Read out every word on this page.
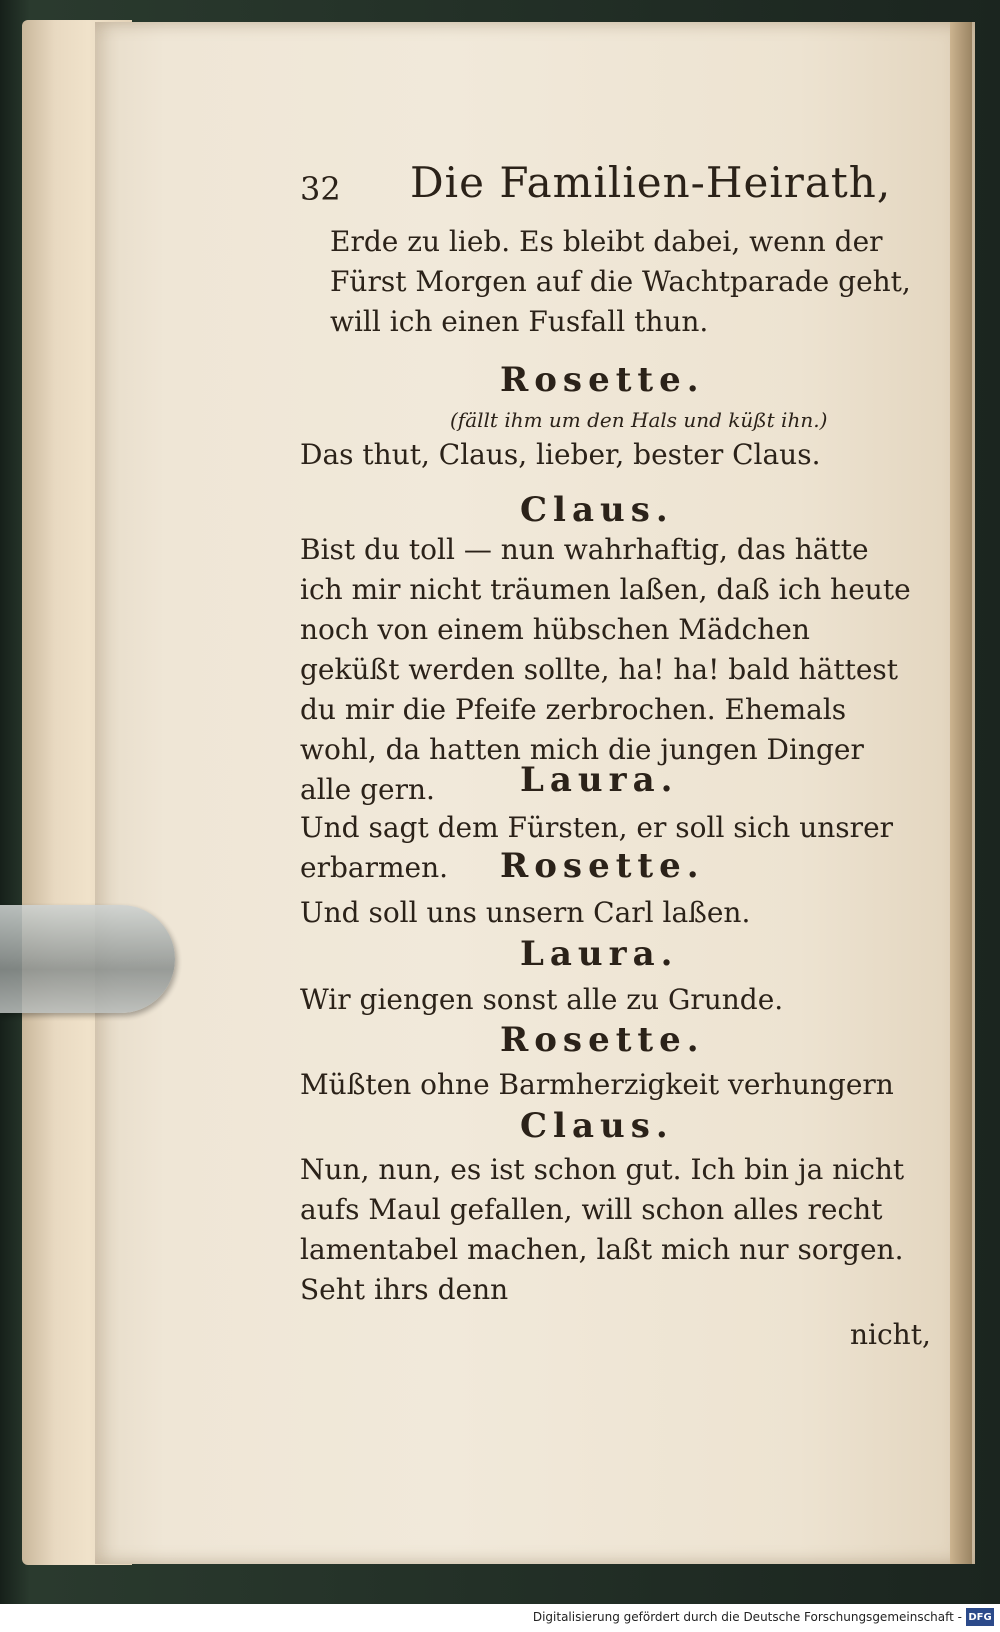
32 Die Familien-Heirath,
Erde zu lieb. Es bleibt dabei, wenn der Fürst Morgen auf die Wachtparade geht, will ich einen Fusfall thun.
Rosette.
(fällt ihm um den Hals und küßt ihn.)
Das thut, Claus, lieber, bester Claus.
Claus.
Bist du toll — nun wahrhaftig, das hätte ich mir nicht träumen laßen, daß ich heute noch von einem hübschen Mädchen geküßt werden sollte, ha! ha! bald hättest du mir die Pfeife zerbrochen. Ehemals wohl, da hatten mich die jungen Dinger alle gern.	Laura.
Und sagt dem Fürsten, er soll sich unsrer erbarmen.	Rosette.
Und soll uns unsern Carl laßen.
Laura.
Wir giengen sonst alle zu Grunde.
Rosette.
Müßten ohne Barmherzigkeit verhungern
Claus.
Nun, nun, es ist schon gut. Ich bin ja nicht aufs Maul gefallen, will schon alles recht lamentabel machen, laßt mich nur sorgen. Seht ihrs denn
nicht,
Digitalisierung gefördert durch die Deutsche Forschungsgemeinschaft - DFG
